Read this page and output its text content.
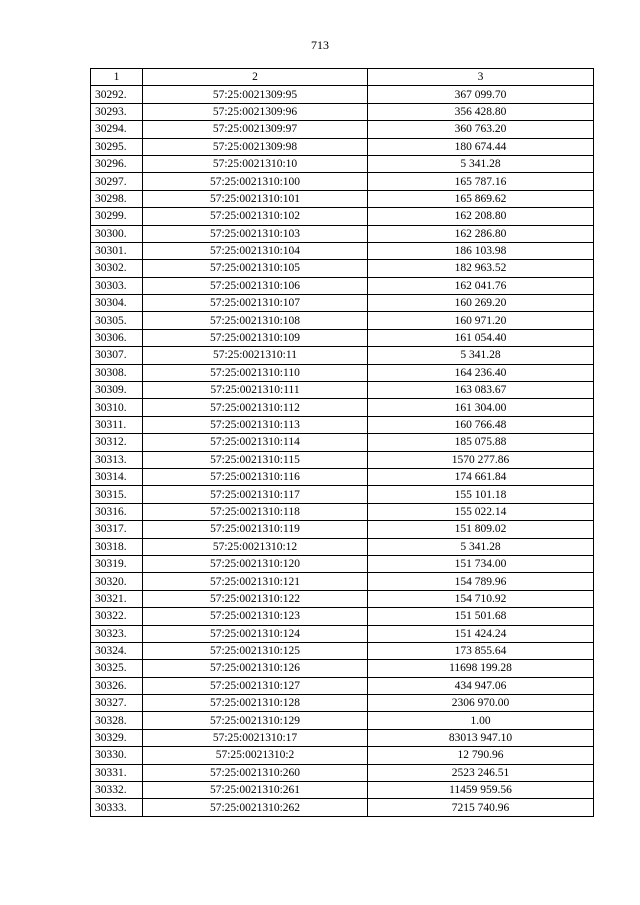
713
1	2	3
30292.	57:25:0021309:95	367 099.70
30293.	57:25:0021309:96	356 428.80
30294.	57:25:0021309:97	360 763.20
30295.	57:25:0021309:98	180 674.44
30296.	57:25:0021310:10	5 341.28
30297.	57:25:0021310:100	165 787.16
30298.	57:25:0021310:101	165 869.62
30299.	57:25:0021310:102	162 208.80
30300.	57:25:0021310:103	162 286.80
30301.	57:25:0021310:104	186 103.98
30302.	57:25:0021310:105	182 963.52
30303.	57:25:0021310:106	162 041.76
30304.	57:25:0021310:107	160 269.20
30305.	57:25:0021310:108	160 971.20
30306.	57:25:0021310:109	161 054.40
30307.	57:25:0021310:11	5 341.28
30308.	57:25:0021310:110	164 236.40
30309.	57:25:0021310:111	163 083.67
30310.	57:25:0021310:112	161 304.00
30311.	57:25:0021310:113	160 766.48
30312.	57:25:0021310:114	185 075.88
30313.	57:25:0021310:115	1570 277.86
30314.	57:25:0021310:116	174 661.84
30315.	57:25:0021310:117	155 101.18
30316.	57:25:0021310:118	155 022.14
30317.	57:25:0021310:119	151 809.02
30318.	57:25:0021310:12	5 341.28
30319.	57:25:0021310:120	151 734.00
30320.	57:25:0021310:121	154 789.96
30321.	57:25:0021310:122	154 710.92
30322.	57:25:0021310:123	151 501.68
30323.	57:25:0021310:124	151 424.24
30324.	57:25:0021310:125	173 855.64
30325.	57:25:0021310:126	11698 199.28
30326.	57:25:0021310:127	434 947.06
30327.	57:25:0021310:128	2306 970.00
30328.	57:25:0021310:129	1.00
30329.	57:25:0021310:17	83013 947.10
30330.	57:25:0021310:2	12 790.96
30331.	57:25:0021310:260	2523 246.51
30332.	57:25:0021310:261	11459 959.56
30333.	57:25:0021310:262	7215 740.96
